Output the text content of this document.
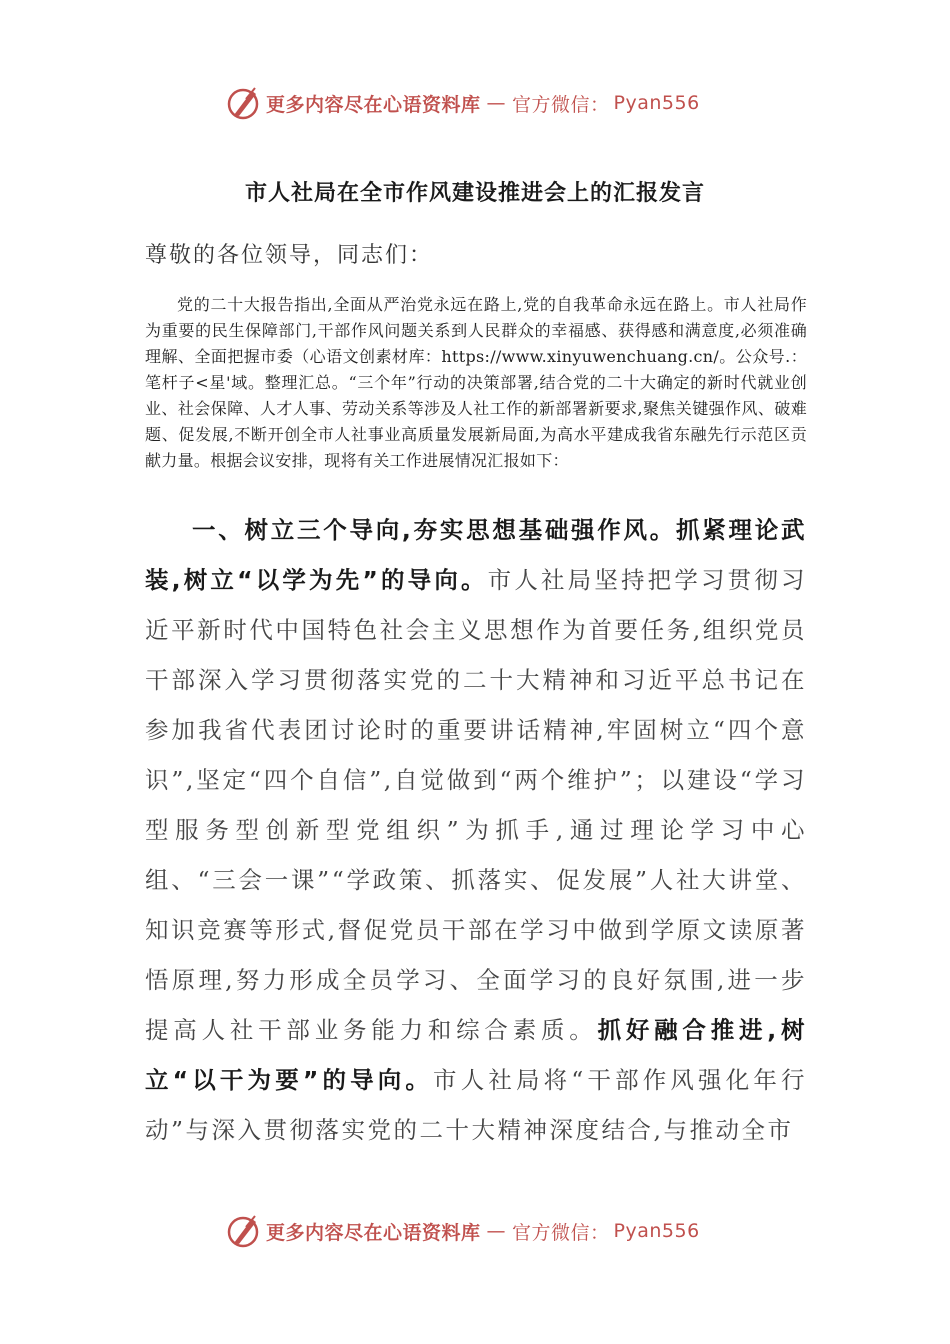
更多内容尽在心语资料库 — 官方微信： Pyan556
市人社局在全市作风建设推进会上的汇报发言
尊敬的各位领导，同志们：
党的二十大报告指出,全面从严治党永远在路上,党的自我革命永远在路上。市人社局作为重要的民生保障部门,干部作风问题关系到人民群众的幸福感、获得感和满意度,必须准确理解、全面把握市委（心语文创素材库：https://www.xinyuwenchuang.cn/。公众号.：笔杆子<星'域。整理汇总。“三个年”行动的决策部署,结合党的二十大确定的新时代就业创业、社会保障、人才人事、劳动关系等涉及人社工作的新部署新要求,聚焦关键强作风、破难题、促发展,不断开创全市人社事业高质量发展新局面,为高水平建成我省东融先行示范区贡献力量。根据会议安排，现将有关工作进展情况汇报如下：
一、树立三个导向,夯实思想基础强作风。抓紧理论武装,树立“以学为先”的导向。市人社局坚持把学习贯彻习近平新时代中国特色社会主义思想作为首要任务,组织党员干部深入学习贯彻落实党的二十大精神和习近平总书记在参加我省代表团讨论时的重要讲话精神,牢固树立“四个意识”,坚定“四个自信”,自觉做到“两个维护”；以建设“学习型服务型创新型党组织”为抓手,通过理论学习中心组、“三会一课”“学政策、抓落实、促发展”人社大讲堂、知识竞赛等形式,督促党员干部在学习中做到学原文读原著悟原理,努力形成全员学习、全面学习的良好氛围,进一步提高人社干部业务能力和综合素质。抓好融合推进,树立“以干为要”的导向。市人社局将“干部作风强化年行动”与深入贯彻落实党的二十大精神深度结合,与推动全市
更多内容尽在心语资料库 — 官方微信： Pyan556
